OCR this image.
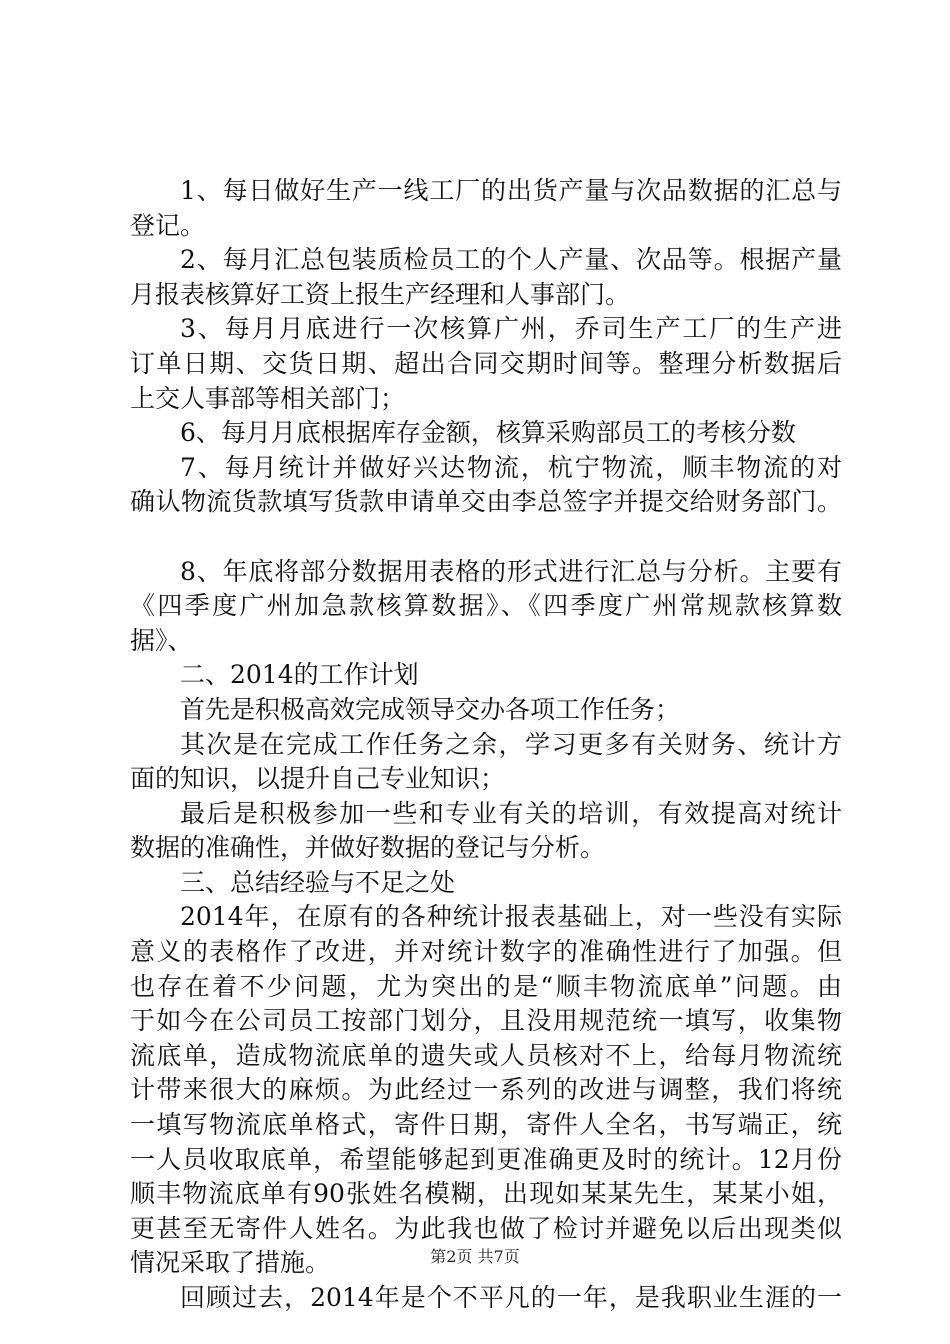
1、每日做好生产一线工厂的出货产量与次品数据的汇总与
登记。
2、每月汇总包装质检员工的个人产量、次品等。根据产量
月报表核算好工资上报生产经理和人事部门。
3、每月月底进行一次核算广州，乔司生产工厂的生产进
订单日期、交货日期、超出合同交期时间等。整理分析数据后
上交人事部等相关部门；
6、每月月底根据库存金额，核算采购部员工的考核分数
7、每月统计并做好兴达物流，杭宁物流，顺丰物流的对
确认物流货款填写货款申请单交由李总签字并提交给财务部门。
8、年底将部分数据用表格的形式进行汇总与分析。主要有
《四季度广州加急款核算数据》、《四季度广州常规款核算数
据》、
二、2014的工作计划
首先是积极高效完成领导交办各项工作任务；
其次是在完成工作任务之余，学习更多有关财务、统计方
面的知识，以提升自己专业知识；
最后是积极参加一些和专业有关的培训，有效提高对统计
数据的准确性，并做好数据的登记与分析。
三、总结经验与不足之处
2014年，在原有的各种统计报表基础上，对一些没有实际
意义的表格作了改进，并对统计数字的准确性进行了加强。但
也存在着不少问题，尤为突出的是“顺丰物流底单”问题。由
于如今在公司员工按部门划分，且没用规范统一填写，收集物
流底单，造成物流底单的遗失或人员核对不上，给每月物流统
计带来很大的麻烦。为此经过一系列的改进与调整，我们将统
一填写物流底单格式，寄件日期，寄件人全名，书写端正，统
一人员收取底单，希望能够起到更准确更及时的统计。12月份
顺丰物流底单有90张姓名模糊，出现如某某先生，某某小姐，
更甚至无寄件人姓名。为此我也做了检讨并避免以后出现类似
情况采取了措施。
回顾过去，2014年是个不平凡的一年，是我职业生涯的一
第2页 共7页
